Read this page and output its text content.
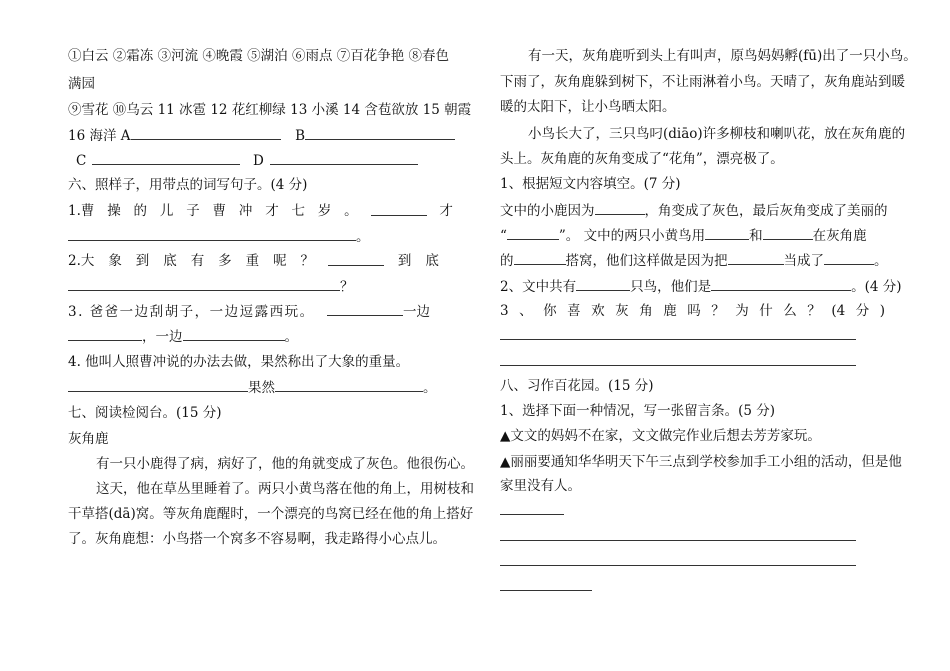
①白云 ②霜冻 ③河流 ④晚霞 ⑤湖泊 ⑥雨点 ⑦百花争艳 ⑧春色
满园
⑨雪花 ⑩乌云 11 冰雹 12 花红柳绿 13 小溪 14 含苞欲放 15 朝霞
16 海洋 A	B
C	D
六、照样子，用带点的词写句子。(4 分)
1.曹 操 的 儿 子 曹 冲 才 七 岁 。	才
。
2.大 象 到 底 有 多 重 呢 ？	到底
？
3. 爸爸一边刮胡子，一边逗露西玩。	一边
，一边	。
4. 他叫人照曹冲说的办法去做，果然称出了大象的重量。
果然	。
七、阅读检阅台。(15 分)
灰角鹿
有一只小鹿得了病，病好了，他的角就变成了灰色。他很伤心。
这天，他在草丛里睡着了。两只小黄鸟落在他的角上，用树枝和
干草搭(dā)窝。等灰角鹿醒时，一个漂亮的鸟窝已经在他的角上搭好
了。灰角鹿想：小鸟搭一个窝多不容易啊，我走路得小心点儿。
有一天，灰角鹿听到头上有叫声，原鸟妈妈孵(fū)出了一只小鸟。
下雨了，灰角鹿躲到树下，不让雨淋着小鸟。天晴了，灰角鹿站到暖
暖的太阳下，让小鸟晒太阳。
小鸟长大了，三只鸟叼(diāo)许多柳枝和喇叭花，放在灰角鹿的
头上。灰角鹿的灰角变成了“花角”，漂亮极了。
1、根据短文内容填空。(7 分)
文中的小鹿因为	，角变成了灰色，最后灰角变成了美丽的
“	”。 文中的两只小黄鸟用	和	在灰角鹿
的	搭窝，他们这样做是因为把	当成了	。
2、文中共有	只鸟，他们是	。(4 分)
3 、 你 喜 欢 灰 角 鹿 吗 ？ 为 什 么 ？ (4 分 )
八、习作百花园。(15 分)
1、选择下面一种情况，写一张留言条。(5 分)
▲文文的妈妈不在家，文文做完作业后想去芳芳家玩。
▲丽丽要通知华华明天下午三点到学校参加手工小组的活动，但是他
家里没有人。
